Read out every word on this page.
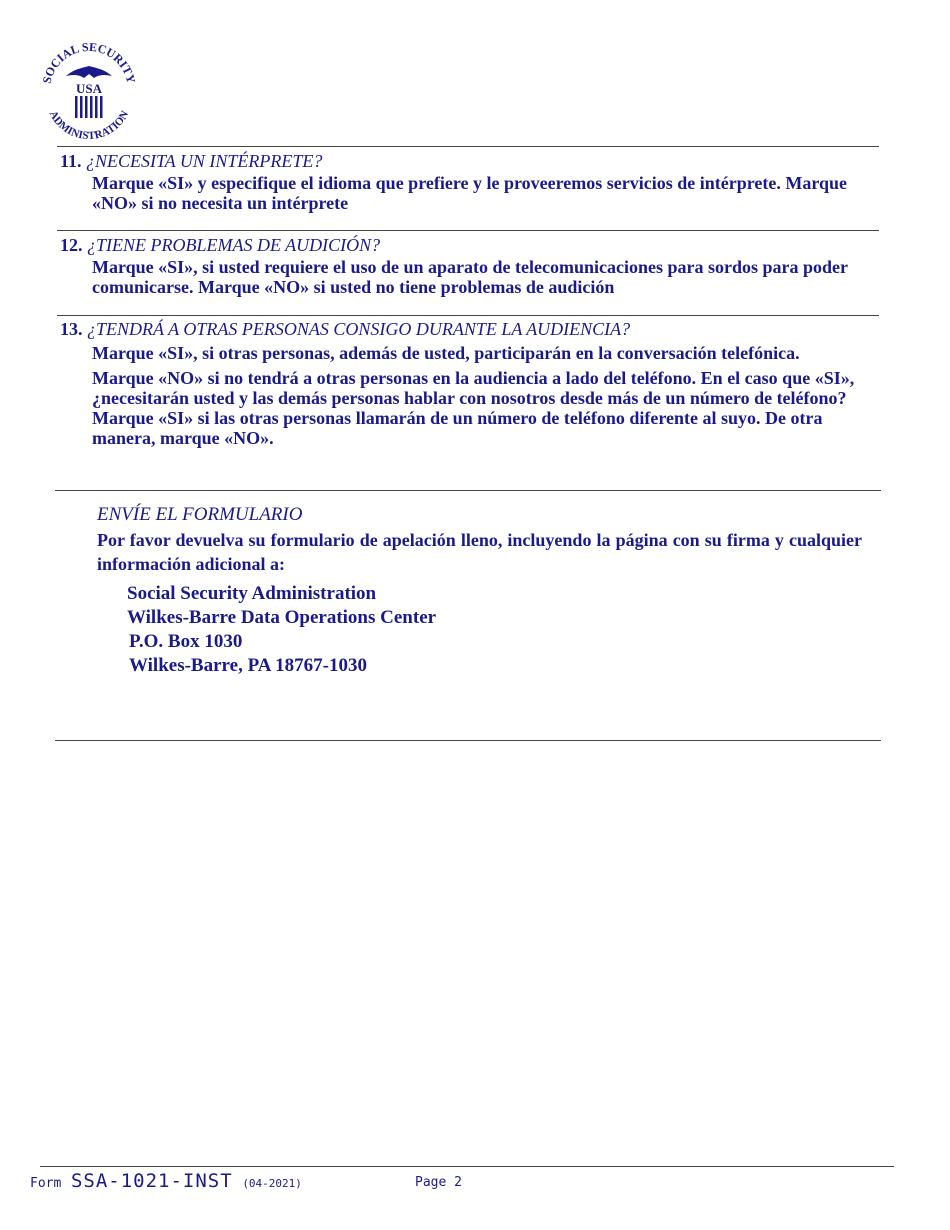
SOCIAL SECURITY
ADMINISTRATION
USA
11. ¿NECESITA UN INTÉRPRETE?

Marque «SI» y especifique el idioma que prefiere y le proveeremos servicios de intérprete. Marque «NO» si no necesita un intérprete

12. ¿TIENE PROBLEMAS DE AUDICIÓN?

Marque «SI», si usted requiere el uso de un aparato de telecomunicaciones para sordos para poder comunicarse. Marque «NO» si usted no tiene problemas de audición

13. ¿TENDRÁ A OTRAS PERSONAS CONSIGO DURANTE LA AUDIENCIA?

Marque «SI», si otras personas, además de usted, participarán en la conversación telefónica.

Marque «NO» si no tendrá a otras personas en la audiencia a lado del teléfono. En el caso que «SI», ¿necesitarán usted y las demás personas hablar con nosotros desde más de un número de teléfono? Marque «SI» si las otras personas llamarán de un número de teléfono diferente al suyo. De otra manera, marque «NO».

ENVÍE EL FORMULARIO

Por favor devuelva su formulario de apelación lleno, incluyendo la página con su firma y cualquier información adicional a:

Social Security Administration
Wilkes-Barre Data Operations Center
P.O. Box 1030
Wilkes-Barre, PA 18767-1030
Form SSA-1021-INST (04-2021)	Page 2
